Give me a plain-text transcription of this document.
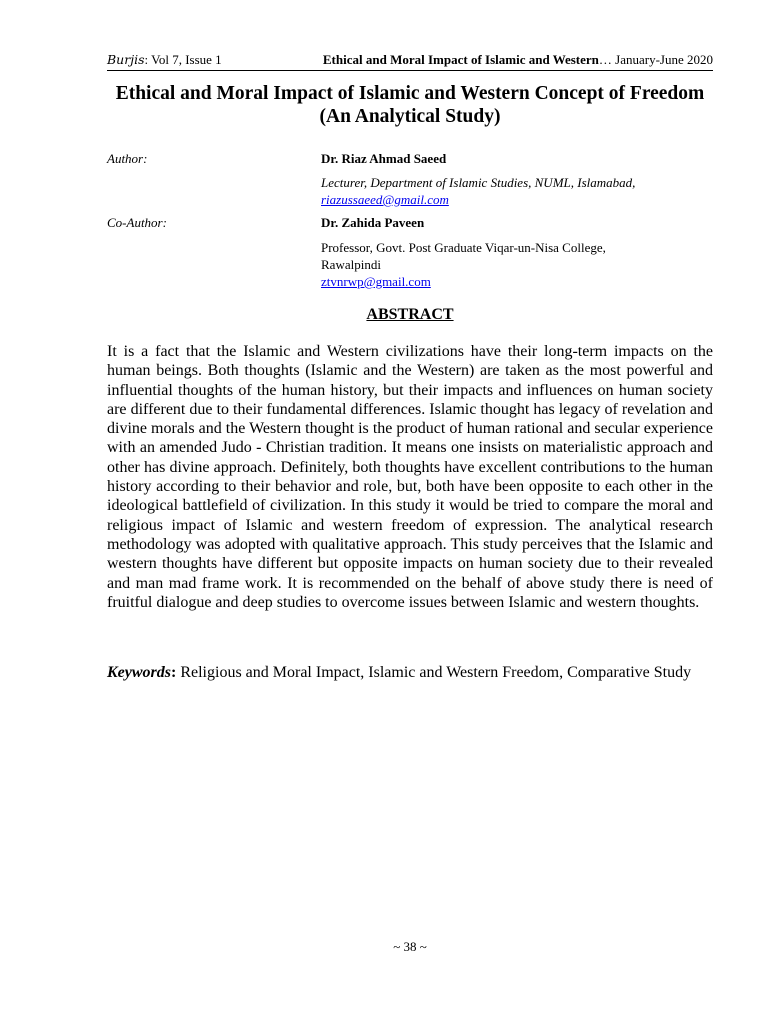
Burjis: Vol 7, Issue 1	Ethical and Moral Impact of Islamic and Western… January-June 2020
Ethical and Moral Impact of Islamic and Western Concept of Freedom (An Analytical Study)
Author:	Dr. Riaz Ahmad Saeed
Lecturer, Department of Islamic Studies, NUML, Islamabad,
riazussaeed@gmail.com
Co-Author:	Dr. Zahida Paveen
Professor, Govt. Post Graduate Viqar-un-Nisa College,
Rawalpindi
ztvnrwp@gmail.com
ABSTRACT
It is a fact that the Islamic and Western civilizations have their long-term impacts on the human beings. Both thoughts (Islamic and the Western) are taken as the most powerful and influential thoughts of the human history, but their impacts and influences on human society are different due to their fundamental differences. Islamic thought has legacy of revelation and divine morals and the Western thought is the product of human rational and secular experience with an amended Judo - Christian tradition. It means one insists on materialistic approach and other has divine approach. Definitely, both thoughts have excellent contributions to the human history according to their behavior and role, but, both have been opposite to each other in the ideological battlefield of civilization. In this study it would be tried to compare the moral and religious impact of Islamic and western freedom of expression. The analytical research methodology was adopted with qualitative approach. This study perceives that the Islamic and western thoughts have different but opposite impacts on human society due to their revealed and man mad frame work. It is recommended on the behalf of above study there is need of fruitful dialogue and deep studies to overcome issues between Islamic and western thoughts.
Keywords: Religious and Moral Impact, Islamic and Western Freedom, Comparative Study
~ 38 ~
